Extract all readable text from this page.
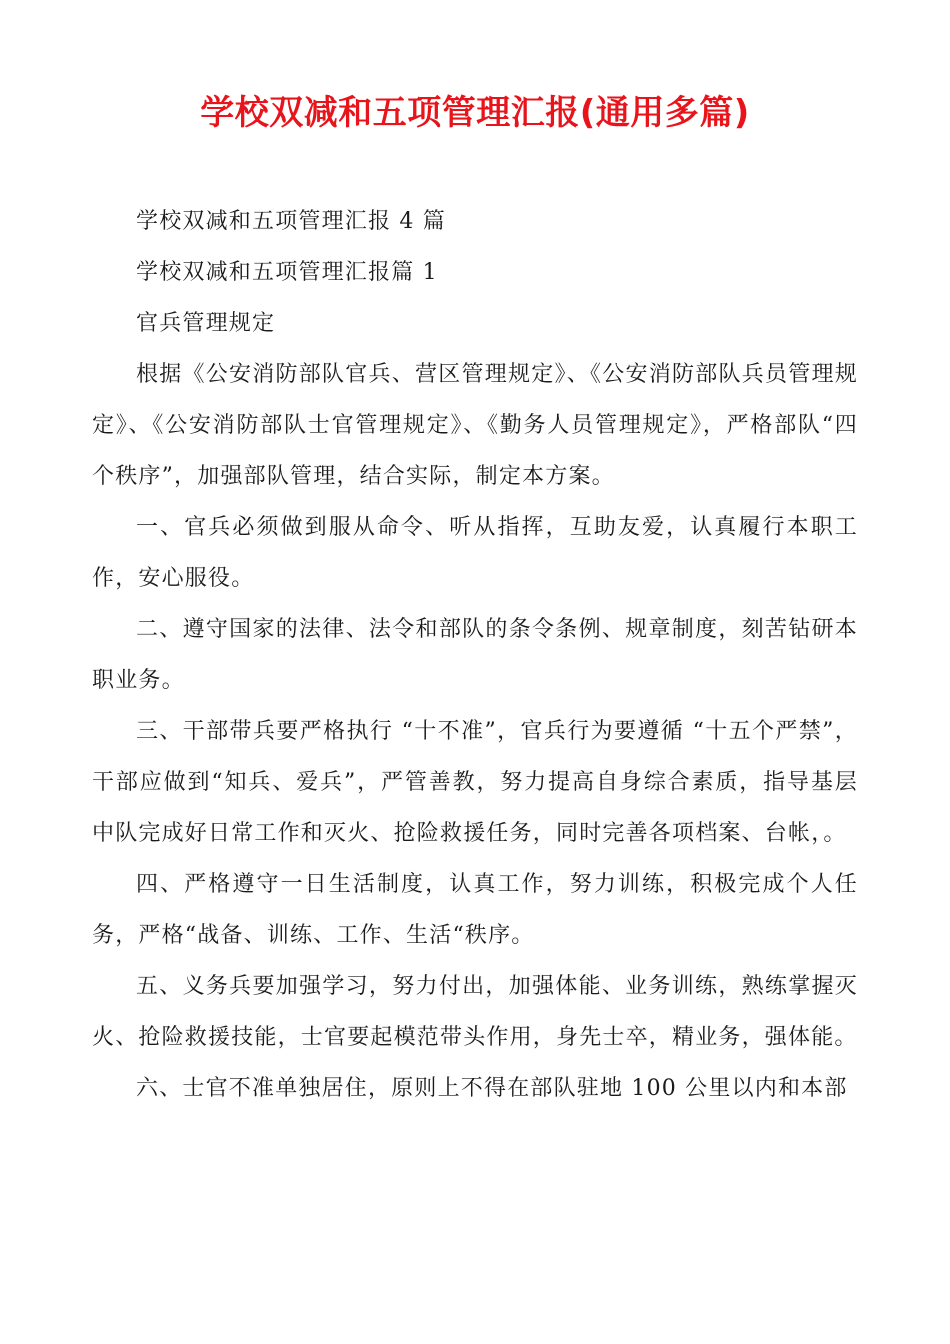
学校双减和五项管理汇报(通用多篇)

学校双减和五项管理汇报 4 篇

学校双减和五项管理汇报篇 1

官兵管理规定

根据《公安消防部队官兵、营区管理规定》、《公安消防部队兵员管理规定》、《公安消防部队士官管理规定》、《勤务人员管理规定》，严格部队“四个秩序”，加强部队管理，结合实际，制定本方案。

一、官兵必须做到服从命令、听从指挥，互助友爱，认真履行本职工作，安心服役。

二、遵守国家的法律、法令和部队的条令条例、规章制度，刻苦钻研本职业务。

三、干部带兵要严格执行 “十不准”，官兵行为要遵循 “十五个严禁”，干部应做到“知兵、爱兵”，严管善教，努力提高自身综合素质，指导基层中队完成好日常工作和灭火、抢险救援任务，同时完善各项档案、台帐，。

四、严格遵守一日生活制度，认真工作，努力训练，积极完成个人任务，严格“战备、训练、工作、生活“秩序。

五、义务兵要加强学习，努力付出，加强体能、业务训练，熟练掌握灭火、抢险救援技能，士官要起模范带头作用，身先士卒，精业务，强体能。

六、士官不准单独居住，原则上不得在部队驻地 100 公里以内和本部
